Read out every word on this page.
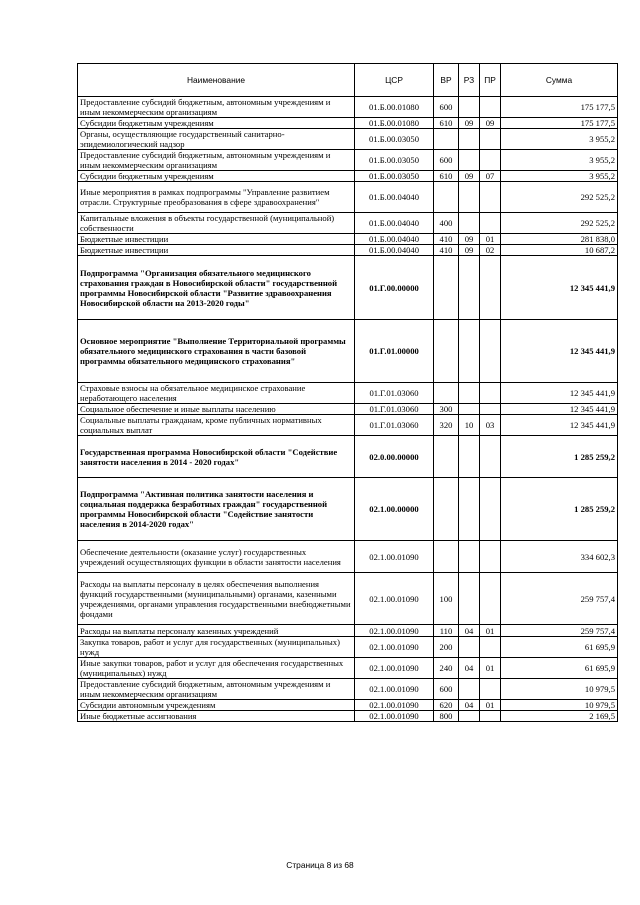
Наименование	ЦСР	ВР	РЗ	ПР	Сумма
Предоставление субсидий бюджетным, автономным учреждениям и иным некоммерческим организациям	01.Б.00.01080	600			175 177,5
Субсидии бюджетным учреждениям	01.Б.00.01080	610	09	09	175 177,5
Органы, осуществляющие государственный санитарно-эпидемиологический надзор	01.Б.00.03050				3 955,2
Предоставление субсидий бюджетным, автономным учреждениям и иным некоммерческим организациям	01.Б.00.03050	600			3 955,2
Субсидии бюджетным учреждениям	01.Б.00.03050	610	09	07	3 955,2
Иные мероприятия в рамках подпрограммы "Управление развитием отрасли. Структурные преобразования в сфере здравоохранения"	01.Б.00.04040				292 525,2
Капитальные вложения в объекты государственной (муниципальной) собственности	01.Б.00.04040	400			292 525,2
Бюджетные инвестиции	01.Б.00.04040	410	09	01	281 838,0
Бюджетные инвестиции	01.Б.00.04040	410	09	02	10 687,2
Подпрограмма "Организация обязательного медицинского страхования граждан в Новосибирской области" государственной программы Новосибирской области "Развитие здравоохранения Новосибирской области на 2013-2020 годы"	01.Г.00.00000				12 345 441,9
Основное мероприятие "Выполнение Территориальной программы обязательного медицинского страхования в части базовой программы обязательного медицинского страхования"	01.Г.01.00000				12 345 441,9
Страховые взносы на обязательное медицинское страхование неработающего населения	01.Г.01.03060				12 345 441,9
Социальное обеспечение и иные выплаты населению	01.Г.01.03060	300			12 345 441,9
Социальные выплаты гражданам, кроме публичных нормативных социальных выплат	01.Г.01.03060	320	10	03	12 345 441,9
Государственная программа Новосибирской области "Содействие занятости населения в 2014 - 2020 годах"	02.0.00.00000				1 285 259,2
Подпрограмма "Активная политика занятости населения и социальная поддержка безработных граждан" государственной программы Новосибирской области "Содействие занятости населения в 2014-2020 годах"	02.1.00.00000				1 285 259,2
Обеспечение деятельности (оказание услуг) государственных учреждений осуществляющих функции в области занятости населения	02.1.00.01090				334 602,3
Расходы на выплаты персоналу в целях обеспечения выполнения функций государственными (муниципальными) органами, казенными учреждениями, органами управления государственными внебюджетными фондами	02.1.00.01090	100			259 757,4
Расходы на выплаты персоналу казенных учреждений	02.1.00.01090	110	04	01	259 757,4
Закупка товаров, работ и услуг для государственных (муниципальных) нужд	02.1.00.01090	200			61 695,9
Иные закупки товаров, работ и услуг для обеспечения государственных (муниципальных) нужд	02.1.00.01090	240	04	01	61 695,9
Предоставление субсидий бюджетным, автономным учреждениям и иным некоммерческим организациям	02.1.00.01090	600			10 979,5
Субсидии автономным учреждениям	02.1.00.01090	620	04	01	10 979,5
Иные бюджетные ассигнования	02.1.00.01090	800			2 169,5
Страница 8 из 68
